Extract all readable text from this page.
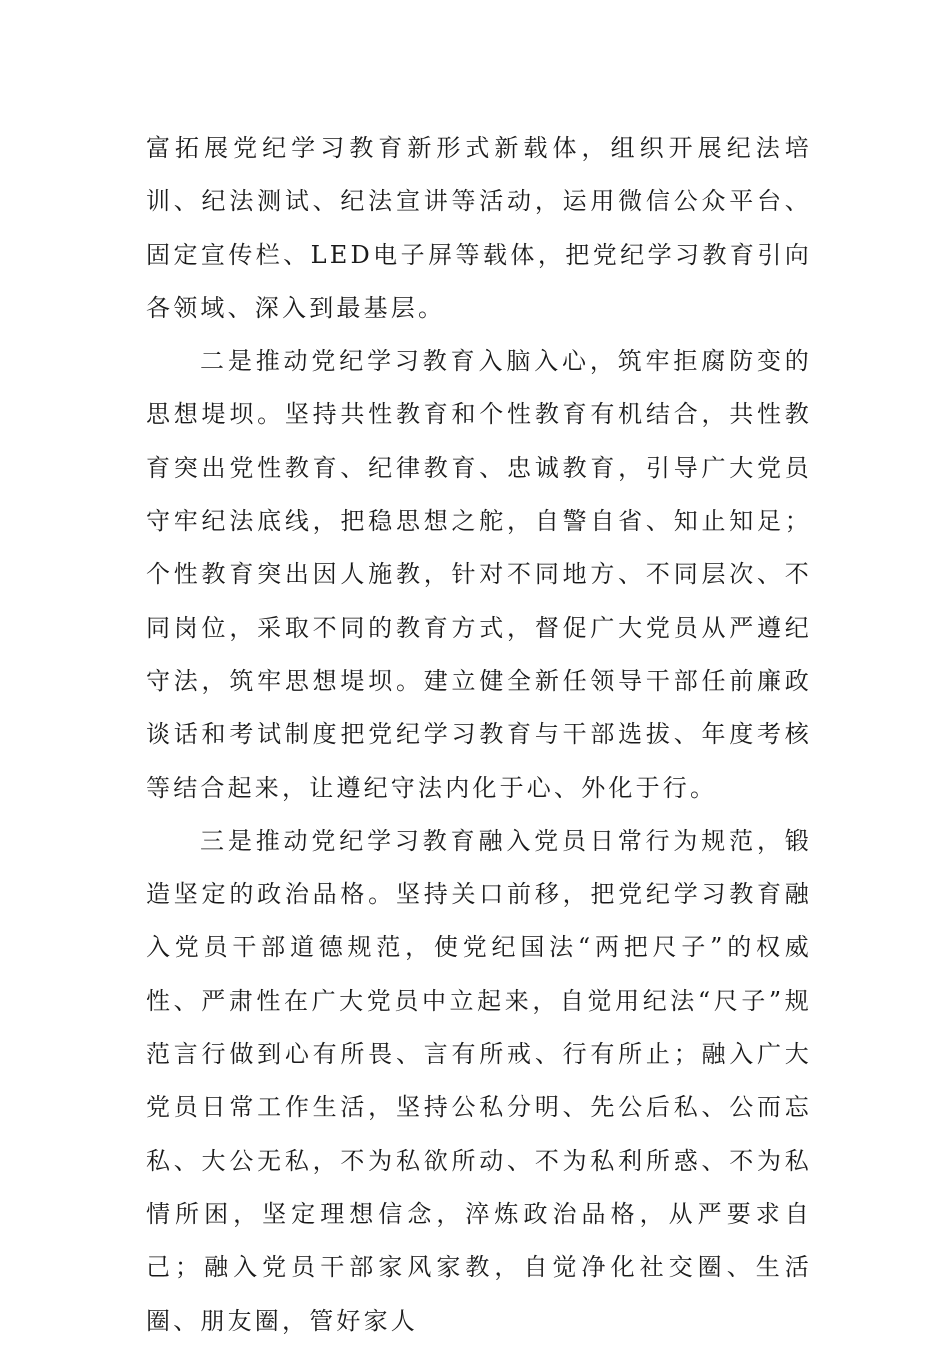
富拓展党纪学习教育新形式新载体，组织开展纪法培训、纪法测试、纪法宣讲等活动，运用微信公众平台、固定宣传栏、LED电子屏等载体，把党纪学习教育引向各领域、深入到最基层。

二是推动党纪学习教育入脑入心，筑牢拒腐防变的思想堤坝。坚持共性教育和个性教育有机结合，共性教育突出党性教育、纪律教育、忠诚教育，引导广大党员守牢纪法底线，把稳思想之舵，自警自省、知止知足；个性教育突出因人施教，针对不同地方、不同层次、不同岗位，采取不同的教育方式，督促广大党员从严遵纪守法，筑牢思想堤坝。建立健全新任领导干部任前廉政谈话和考试制度把党纪学习教育与干部选拔、年度考核等结合起来，让遵纪守法内化于心、外化于行。

三是推动党纪学习教育融入党员日常行为规范，锻造坚定的政治品格。坚持关口前移，把党纪学习教育融入党员干部道德规范，使党纪国法“两把尺子”的权威性、严肃性在广大党员中立起来，自觉用纪法“尺子”规范言行做到心有所畏、言有所戒、行有所止；融入广大党员日常工作生活，坚持公私分明、先公后私、公而忘私、大公无私，不为私欲所动、不为私利所惑、不为私情所困，坚定理想信念，淬炼政治品格，从严要求自己；融入党员干部家风家教，自觉净化社交圈、生活圈、朋友圈，管好家人
